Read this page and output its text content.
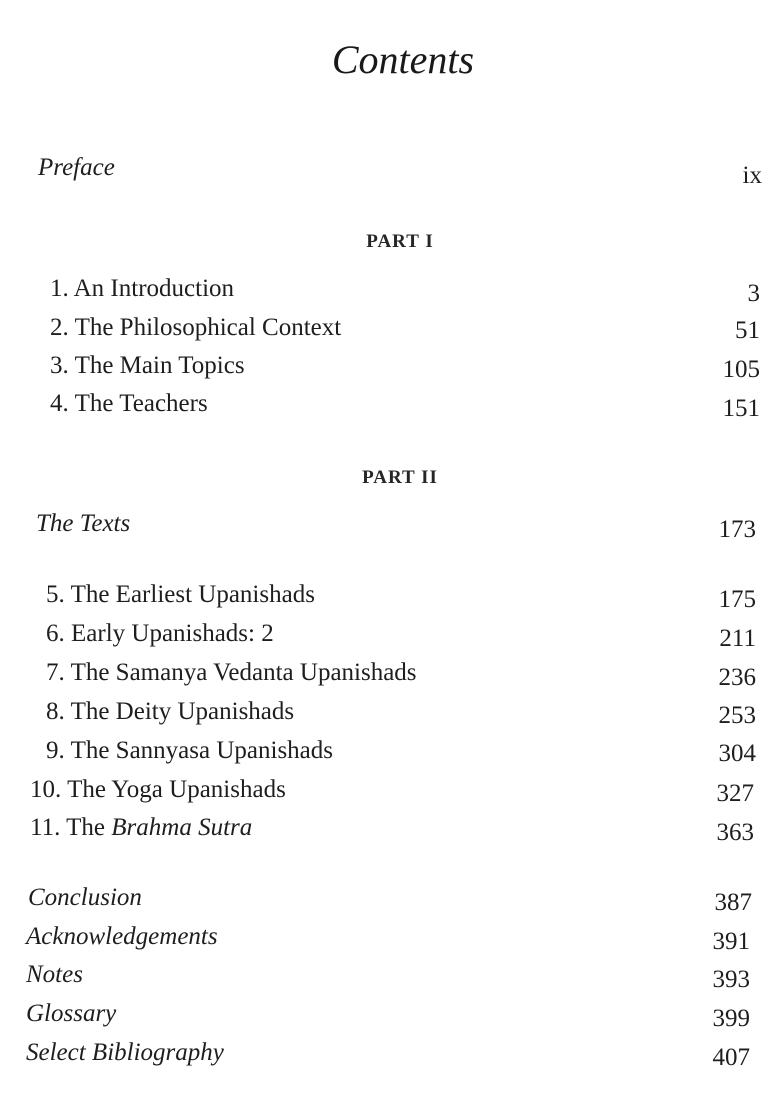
Contents
Preface	ix
PART I
1. An Introduction	3
2. The Philosophical Context	51
3. The Main Topics	105
4. The Teachers	151
PART II
The Texts	173
5. The Earliest Upanishads	175
6. Early Upanishads: 2	211
7. The Samanya Vedanta Upanishads	236
8. The Deity Upanishads	253
9. The Sannyasa Upanishads	304
10. The Yoga Upanishads	327
11. The Brahma Sutra	363
Conclusion	387
Acknowledgements	391
Notes	393
Glossary	399
Select Bibliography	407
